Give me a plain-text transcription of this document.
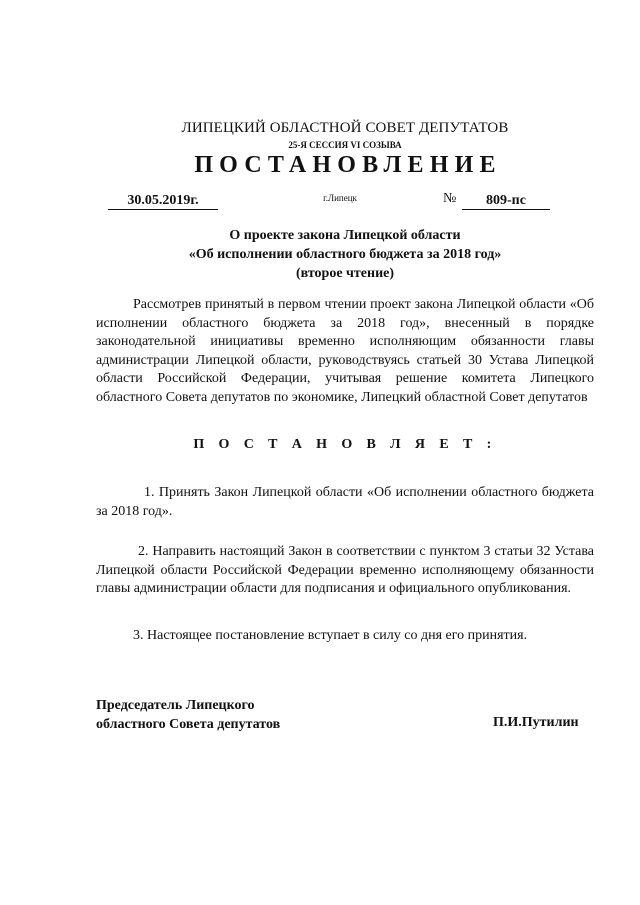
ЛИПЕЦКИЙ ОБЛАСТНОЙ СОВЕТ ДЕПУТАТОВ
25-Я СЕССИЯ VI СОЗЫВА
ПОСТАНОВЛЕНИЕ
30.05.2019г.	г.Липецк	№	809-пс
О проекте закона Липецкой области
«Об исполнении областного бюджета за 2018 год»
(второе чтение)

Рассмотрев принятый в первом чтении проект закона Липецкой области «Об исполнении областного бюджета за 2018 год», внесенный в порядке законодательной инициативы временно исполняющим обязанности главы администрации Липецкой области, руководствуясь статьей 30 Устава Липецкой области Российской Федерации, учитывая решение комитета Липецкого областного Совета депутатов по экономике, Липецкий областной Совет депутатов

П О С Т А Н О В Л Я Е Т :

1. Принять Закон Липецкой области «Об исполнении областного бюджета за 2018 год».

2. Направить настоящий Закон в соответствии с пунктом 3 статьи 32 Устава Липецкой области Российской Федерации временно исполняющему обязанности главы администрации области для подписания и официального опубликования.

3. Настоящее постановление вступает в силу со дня его принятия.

Председатель Липецкого
областного Совета депутатов	П.И.Путилин
